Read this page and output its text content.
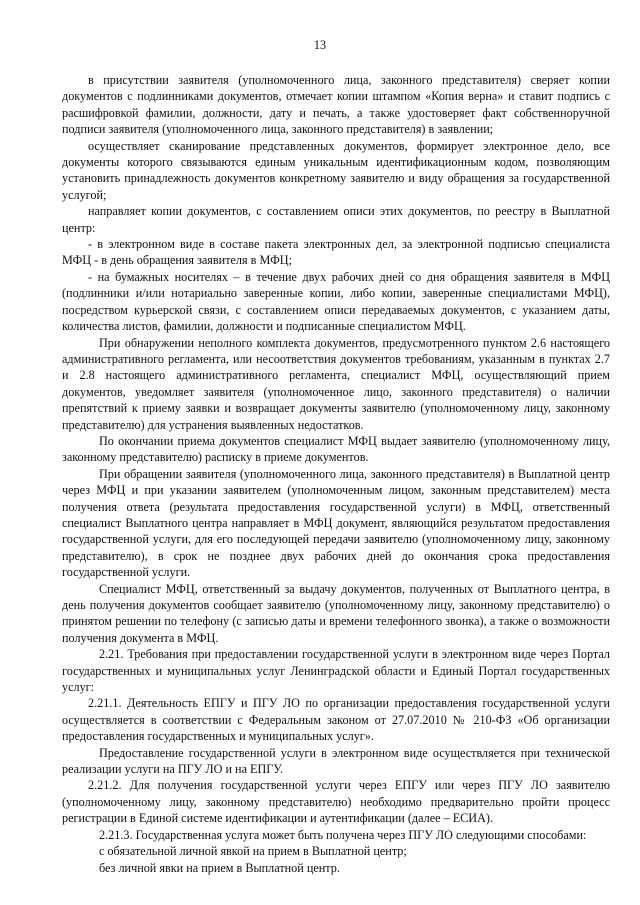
13

в присутствии заявителя (уполномоченного лица, законного представителя) сверяет копии документов с подлинниками документов, отмечает копии штампом «Копия верна» и ставит подпись с расшифровкой фамилии, должности, дату и печать, а также удостоверяет факт собственноручной подписи заявителя (уполномоченного лица, законного представителя) в заявлении;

осуществляет сканирование представленных документов, формирует электронное дело, все документы которого связываются единым уникальным идентификационным кодом, позволяющим установить принадлежность документов конкретному заявителю и виду обращения за государственной услугой;

направляет копии документов, с составлением описи этих документов, по реестру в Выплатной центр:

- в электронном виде в составе пакета электронных дел, за электронной подписью специалиста МФЦ - в день обращения заявителя в МФЦ;

- на бумажных носителях – в течение двух рабочих дней со дня обращения заявителя в МФЦ (подлинники и/или нотариально заверенные копии, либо копии, заверенные специалистами МФЦ), посредством курьерской связи, с составлением описи передаваемых документов, с указанием даты, количества листов, фамилии, должности и подписанные специалистом МФЦ.

При обнаружении неполного комплекта документов, предусмотренного пунктом 2.6 настоящего административного регламента, или несоответствия документов требованиям, указанным в пунктах 2.7 и 2.8 настоящего административного регламента, специалист МФЦ, осуществляющий прием документов, уведомляет заявителя (уполномоченное лицо, законного представителя) о наличии препятствий к приему заявки и возвращает документы заявителю (уполномоченному лицу, законному представителю) для устранения выявленных недостатков.

По окончании приема документов специалист МФЦ выдает заявителю (уполномоченному лицу, законному представителю) расписку в приеме документов.

При обращении заявителя (уполномоченного лица, законного представителя) в Выплатной центр через МФЦ и при указании заявителем (уполномоченным лицом, законным представителем) места получения ответа (результата предоставления государственной услуги) в МФЦ, ответственный специалист Выплатного центра направляет в МФЦ документ, являющийся результатом предоставления государственной услуги, для его последующей передачи заявителю (уполномоченному лицу, законному представителю), в срок не позднее двух рабочих дней до окончания срока предоставления государственной услуги.

Специалист МФЦ, ответственный за выдачу документов, полученных от Выплатного центра, в день получения документов сообщает заявителю (уполномоченному лицу, законному представителю) о принятом решении по телефону (с записью даты и времени телефонного звонка), а также о возможности получения документа в МФЦ.

2.21. Требования при предоставлении государственной услуги в электронном виде через Портал государственных и муниципальных услуг Ленинградской области и Единый Портал государственных услуг:

2.21.1. Деятельность ЕПГУ и ПГУ ЛО по организации предоставления государственной услуги осуществляется в соответствии с Федеральным законом от 27.07.2010 № 210-ФЗ «Об организации предоставления государственных и муниципальных услуг».

Предоставление государственной услуги в электронном виде осуществляется при технической реализации услуги на ПГУ ЛО и на ЕПГУ.

2.21.2. Для получения государственной услуги через ЕПГУ или через ПГУ ЛО заявителю (уполномоченному лицу, законному представителю) необходимо предварительно пройти процесс регистрации в Единой системе идентификации и аутентификации (далее – ЕСИА).

2.21.3. Государственная услуга может быть получена через ПГУ ЛО следующими способами:

с обязательной личной явкой на прием в Выплатной центр;

без личной явки на прием в Выплатной центр.
